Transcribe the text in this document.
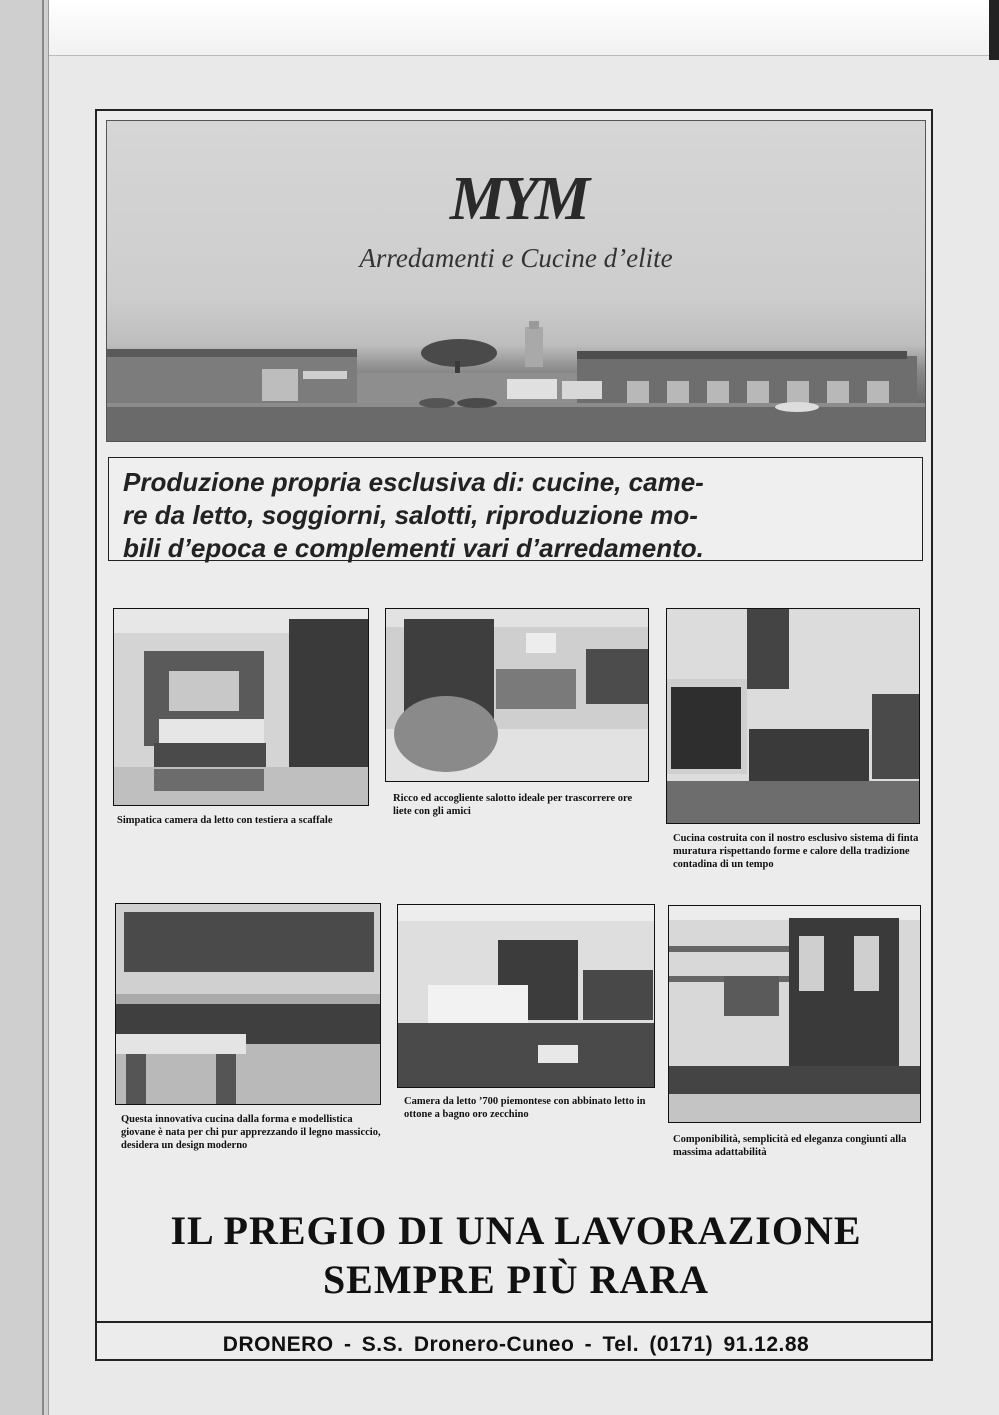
MYM
Arredamenti e Cucine d’elite
Produzione propria esclusiva di: cucine, came-
re da letto, soggiorni, salotti, riproduzione mo-
bili d’epoca e complementi vari d’arredamento.
Simpatica camera da letto con testiera a scaffale
Ricco ed accogliente salotto ideale per trascorrere ore liete con gli amici
Cucina costruita con il nostro esclusivo sistema di finta muratura rispettando forme e calore della tradizione contadina di un tempo
Questa innovativa cucina dalla forma e modellistica giovane è nata per chi pur apprezzando il legno massiccio, desidera un design moderno
Camera da letto ’700 piemontese con abbinato letto in ottone a bagno oro zecchino
Componibilità, semplicità ed eleganza congiunti alla massima adattabilità
IL PREGIO DI UNA LAVORAZIONE
SEMPRE PIÙ RARA
DRONERO - S.S. Dronero-Cuneo - Tel. (0171) 91.12.88
